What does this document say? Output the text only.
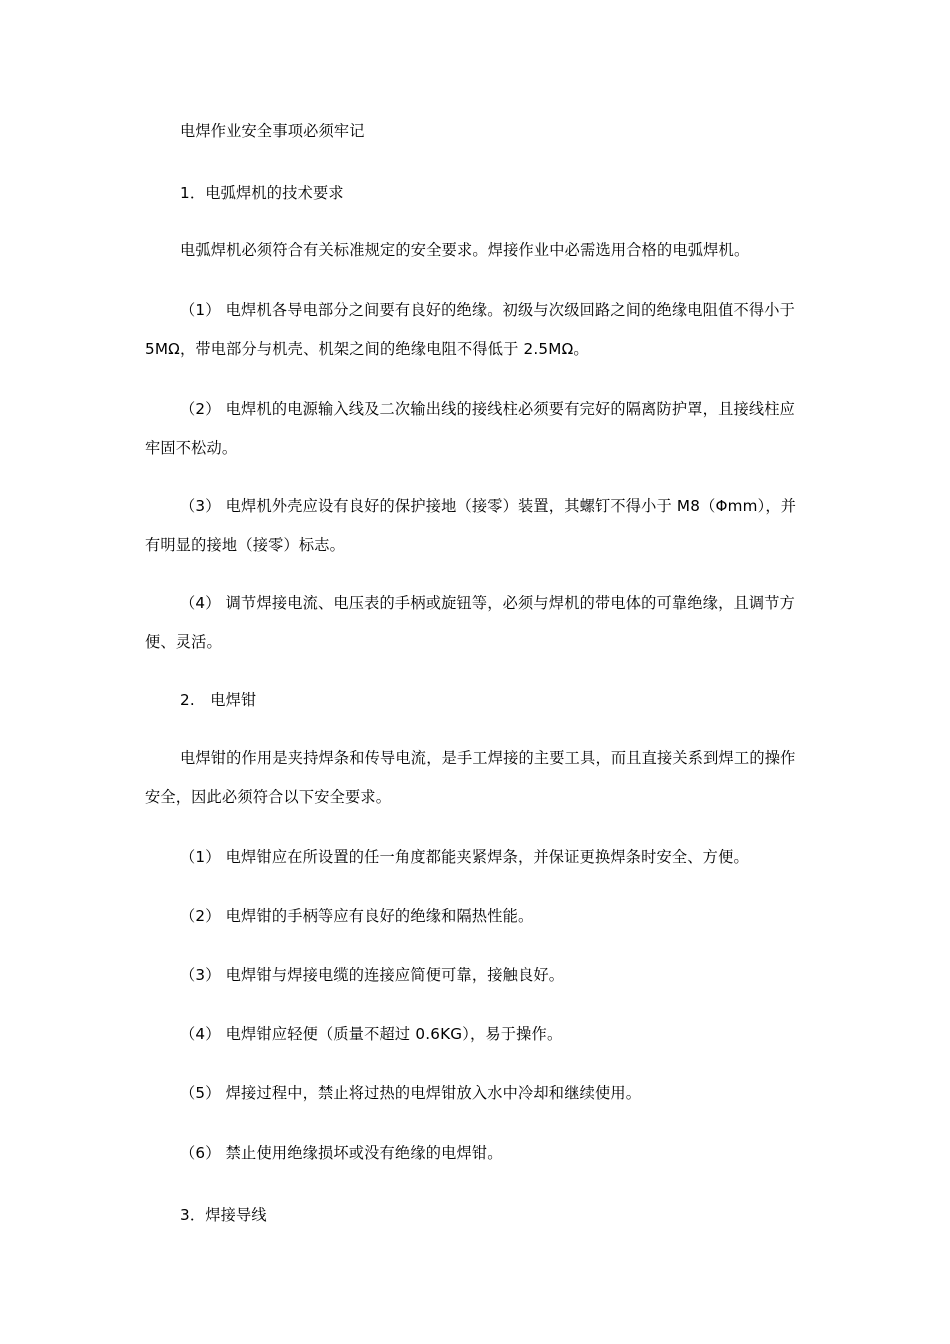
电焊作业安全事项必须牢记
1．电弧焊机的技术要求
电弧焊机必须符合有关标准规定的安全要求。焊接作业中必需选用合格的电弧焊机。
（1） 电焊机各导电部分之间要有良好的绝缘。初级与次级回路之间的绝缘电阻值不得小于 5MΩ，带电部分与机壳、机架之间的绝缘电阻不得低于 2.5MΩ。
（2） 电焊机的电源输入线及二次输出线的接线柱必须要有完好的隔离防护罩，且接线柱应牢固不松动。
（3） 电焊机外壳应设有良好的保护接地（接零）装置，其螺钉不得小于 M8（Φmm），并有明显的接地（接零）标志。
（4） 调节焊接电流、电压表的手柄或旋钮等，必须与焊机的带电体的可靠绝缘，且调节方便、灵活。
2.　电焊钳
电焊钳的作用是夹持焊条和传导电流，是手工焊接的主要工具，而且直接关系到焊工的操作安全，因此必须符合以下安全要求。
（1） 电焊钳应在所设置的任一角度都能夹紧焊条，并保证更换焊条时安全、方便。
（2） 电焊钳的手柄等应有良好的绝缘和隔热性能。
（3） 电焊钳与焊接电缆的连接应简便可靠，接触良好。
（4） 电焊钳应轻便（质量不超过 0.6KG），易于操作。
（5） 焊接过程中，禁止将过热的电焊钳放入水中冷却和继续使用。
（6） 禁止使用绝缘损坏或没有绝缘的电焊钳。
3．焊接导线
